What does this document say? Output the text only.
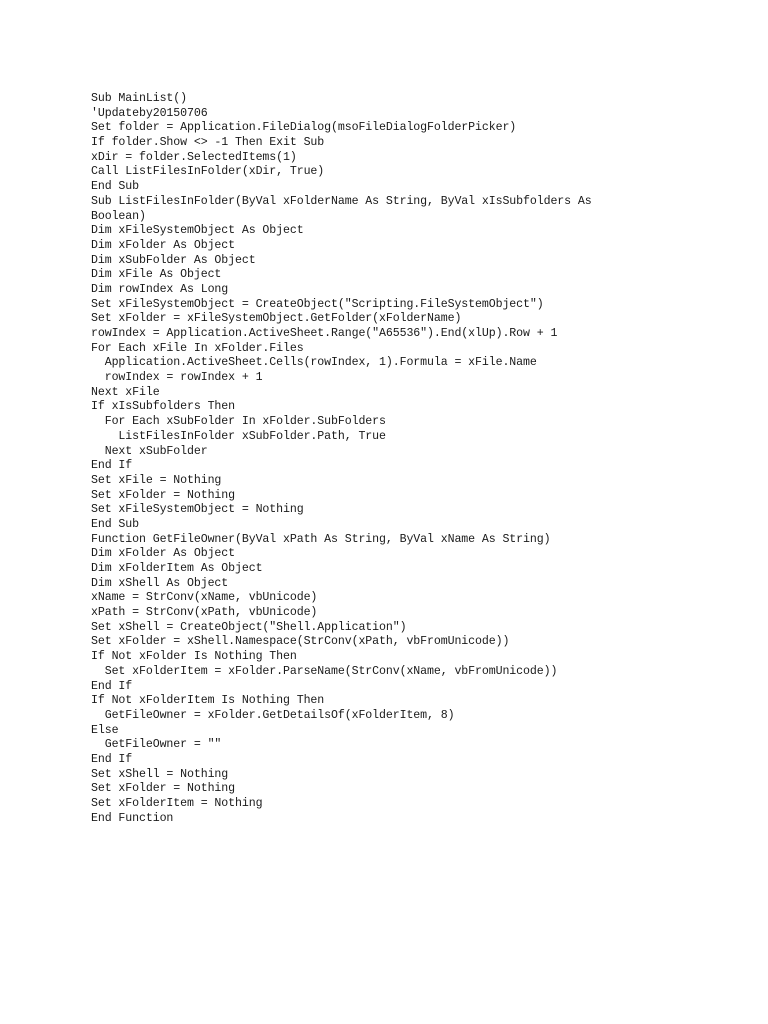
Sub MainList()
'Updateby20150706
Set folder = Application.FileDialog(msoFileDialogFolderPicker)
If folder.Show <> -1 Then Exit Sub
xDir = folder.SelectedItems(1)
Call ListFilesInFolder(xDir, True)
End Sub
Sub ListFilesInFolder(ByVal xFolderName As String, ByVal xIsSubfolders As
Boolean)
Dim xFileSystemObject As Object
Dim xFolder As Object
Dim xSubFolder As Object
Dim xFile As Object
Dim rowIndex As Long
Set xFileSystemObject = CreateObject("Scripting.FileSystemObject")
Set xFolder = xFileSystemObject.GetFolder(xFolderName)
rowIndex = Application.ActiveSheet.Range("A65536").End(xlUp).Row + 1
For Each xFile In xFolder.Files
Application.ActiveSheet.Cells(rowIndex, 1).Formula = xFile.Name
rowIndex = rowIndex + 1
Next xFile
If xIsSubfolders Then
For Each xSubFolder In xFolder.SubFolders
ListFilesInFolder xSubFolder.Path, True
Next xSubFolder
End If
Set xFile = Nothing
Set xFolder = Nothing
Set xFileSystemObject = Nothing
End Sub
Function GetFileOwner(ByVal xPath As String, ByVal xName As String)
Dim xFolder As Object
Dim xFolderItem As Object
Dim xShell As Object
xName = StrConv(xName, vbUnicode)
xPath = StrConv(xPath, vbUnicode)
Set xShell = CreateObject("Shell.Application")
Set xFolder = xShell.Namespace(StrConv(xPath, vbFromUnicode))
If Not xFolder Is Nothing Then
Set xFolderItem = xFolder.ParseName(StrConv(xName, vbFromUnicode))
End If
If Not xFolderItem Is Nothing Then
GetFileOwner = xFolder.GetDetailsOf(xFolderItem, 8)
Else
GetFileOwner = ""
End If
Set xShell = Nothing
Set xFolder = Nothing
Set xFolderItem = Nothing
End Function
